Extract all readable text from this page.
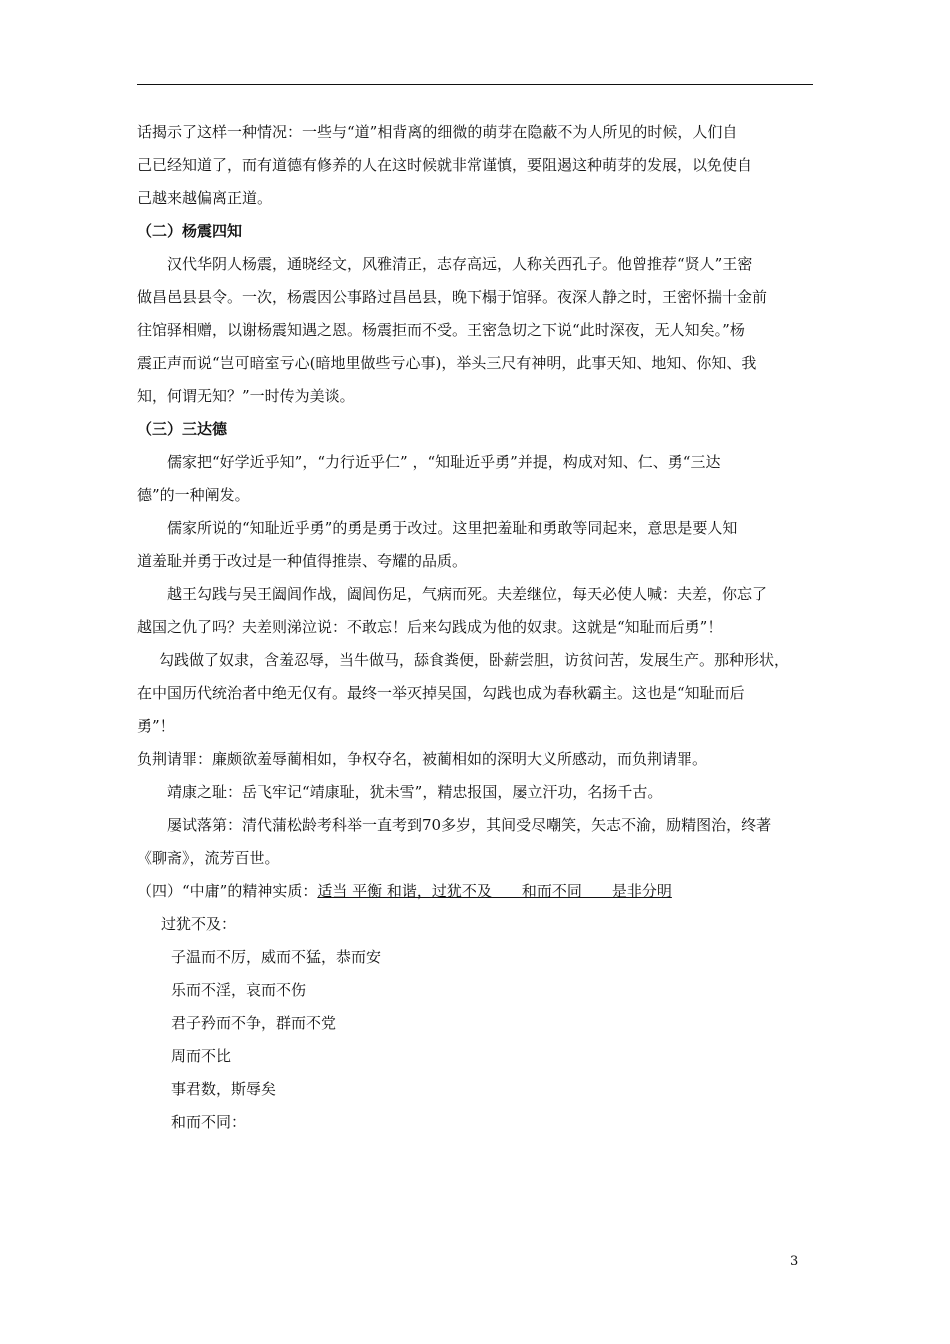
话揭示了这样一种情况：一些与“道”相背离的细微的萌芽在隐蔽不为人所见的时候，人们自
己已经知道了，而有道德有修养的人在这时候就非常谨慎，要阻遏这种萌芽的发展，以免使自
己越来越偏离正道。
（二）杨震四知
汉代华阴人杨震，通晓经文，风雅清正，志存高远，人称关西孔子。他曾推荐“贤人”王密
做昌邑县县令。一次，杨震因公事路过昌邑县，晚下榻于馆驿。夜深人静之时，王密怀揣十金前
往馆驿相赠，以谢杨震知遇之恩。杨震拒而不受。王密急切之下说“此时深夜，无人知矣。”杨
震正声而说“岂可暗室亏心(暗地里做些亏心事)，举头三尺有神明，此事天知、地知、你知、我
知，何谓无知？”一时传为美谈。
（三）三达德
儒家把“好学近乎知”，“力行近乎仁” ，“知耻近乎勇”并提，构成对知、仁、勇“三达
德”的一种阐发。
儒家所说的“知耻近乎勇”的勇是勇于改过。这里把羞耻和勇敢等同起来，意思是要人知
道羞耻并勇于改过是一种值得推崇、夸耀的品质。
越王勾践与吴王阖闾作战，阖闾伤足，气病而死。夫差继位，每天必使人喊：夫差，你忘了
越国之仇了吗？夫差则涕泣说：不敢忘！后来勾践成为他的奴隶。这就是“知耻而后勇”！
勾践做了奴隶，含羞忍辱，当牛做马，舔食粪便，卧薪尝胆，访贫问苦，发展生产。那种形状，
在中国历代统治者中绝无仅有。最终一举灭掉吴国，勾践也成为春秋霸主。这也是“知耻而后
勇”！
负荆请罪：廉颇欲羞辱蔺相如，争权夺名，被蔺相如的深明大义所感动，而负荆请罪。
靖康之耻：岳飞牢记“靖康耻，犹未雪”，精忠报国，屡立汗功，名扬千古。
屡试落第：清代蒲松龄考科举一直考到70多岁，其间受尽嘲笑，矢志不渝，励精图治，终著
《聊斋》，流芳百世。
（四）“中庸”的精神实质：适当 平衡 和谐，过犹不及　　和而不同　　是非分明
过犹不及：
子温而不厉，威而不猛，恭而安
乐而不淫，哀而不伤
君子矜而不争，群而不党
周而不比
事君数，斯辱矣
和而不同：
3
